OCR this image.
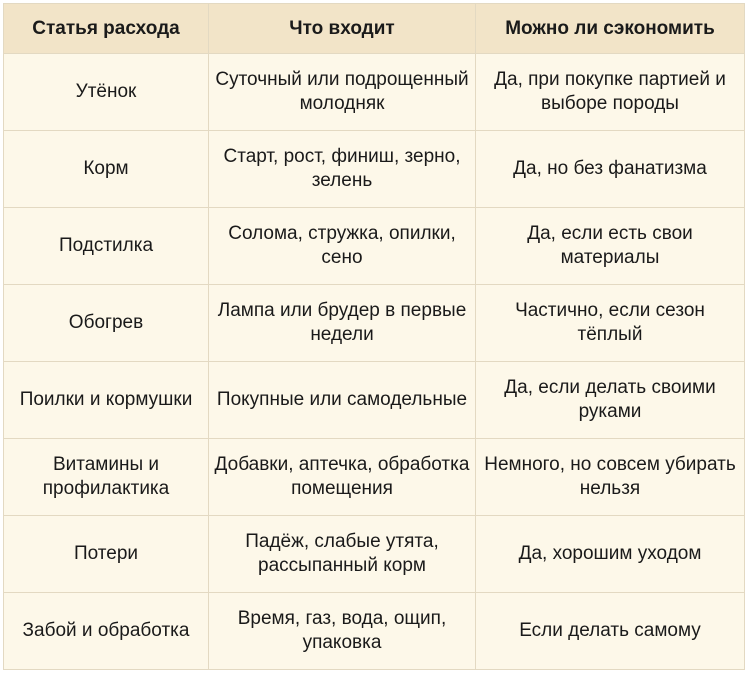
Статья расхода	Что входит	Можно ли сэкономить
Утёнок	Суточный или подрощенный молодняк	Да, при покупке партией и выборе породы
Корм	Старт, рост, финиш, зерно, зелень	Да, но без фанатизма
Подстилка	Солома, стружка, опилки, сено	Да, если есть свои материалы
Обогрев	Лампа или брудер в первые недели	Частично, если сезон тёплый
Поилки и кормушки	Покупные или самодельные	Да, если делать своими руками
Витамины и профилактика	Добавки, аптечка, обработка помещения	Немного, но совсем убирать нельзя
Потери	Падёж, слабые утята, рассыпанный корм	Да, хорошим уходом
Забой и обработка	Время, газ, вода, ощип, упаковка	Если делать самому
